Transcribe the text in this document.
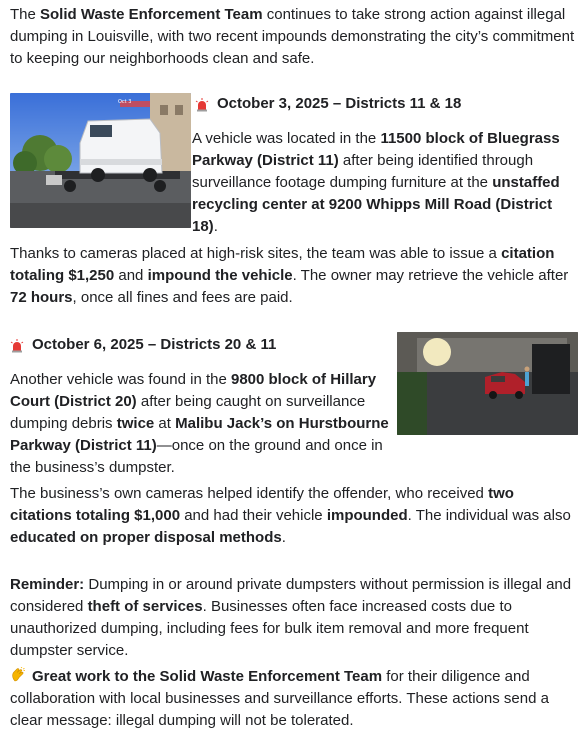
The Solid Waste Enforcement Team continues to take strong action against illegal dumping in Louisville, with two recent impounds demonstrating the city’s commitment to keeping our neighborhoods clean and safe.

Oct 3	October 3, 2025 – Districts 11 & 18

A vehicle was located in the 11500 block of Bluegrass Parkway (District 11) after being identified through surveillance footage dumping furniture at the unstaffed recycling center at 9200 Whipps Mill Road (District 18).

Thanks to cameras placed at high-risk sites, the team was able to issue a citation totaling $1,250 and impound the vehicle. The owner may retrieve the vehicle after 72 hours, once all fines and fees are paid.

October 6, 2025 – Districts 20 & 11

Another vehicle was found in the 9800 block of Hillary Court (District 20) after being caught on surveillance dumping debris twice at Malibu Jack’s on Hurstbourne Parkway (District 11)—once on the ground and once in the business’s dumpster.

The business’s own cameras helped identify the offender, who received two citations totaling $1,000 and had their vehicle impounded. The individual was also educated on proper disposal methods.

Reminder: Dumping in or around private dumpsters without permission is illegal and considered theft of services. Businesses often face increased costs due to unauthorized dumping, including fees for bulk item removal and more frequent dumpster service.

Great work to the Solid Waste Enforcement Team for their diligence and collaboration with local businesses and surveillance efforts. These actions send a clear message: illegal dumping will not be tolerated.
